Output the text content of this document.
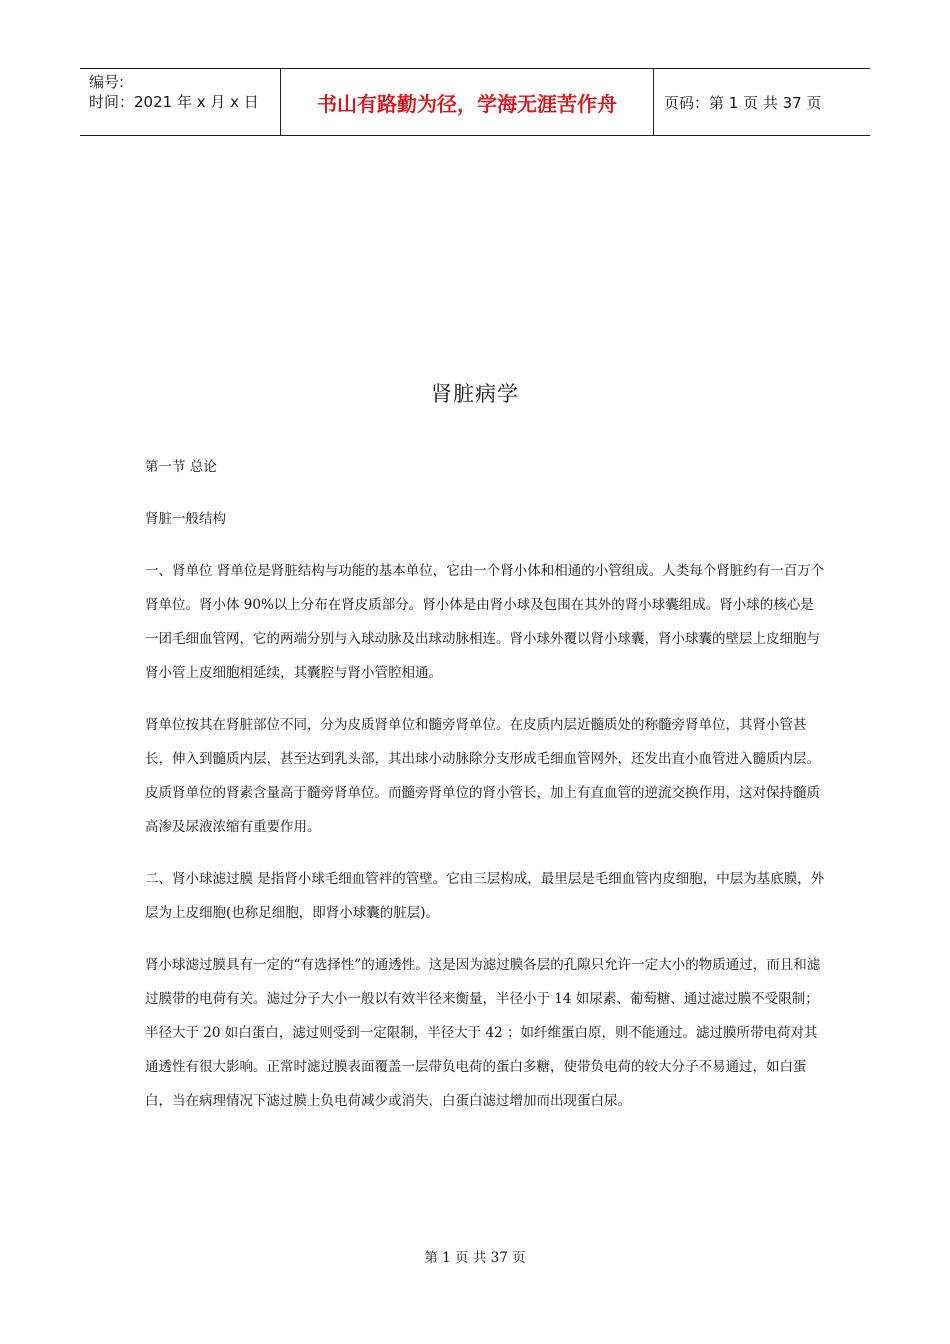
编号:
时间：2021 年 x 月 x 日	书山有路勤为径，学海无涯苦作舟	页码：第 1 页 共 37 页
肾脏病学

第一节 总论

肾脏一般结构

一、肾单位 肾单位是肾脏结构与功能的基本单位，它由一个肾小体和相通的小管组成。人类每个肾脏约有一百万个肾单位。肾小体 90%以上分布在肾皮质部分。肾小体是由肾小球及包围在其外的肾小球囊组成。肾小球的核心是一团毛细血管网，它的两端分别与入球动脉及出球动脉相连。肾小球外覆以肾小球囊，肾小球囊的壁层上皮细胞与肾小管上皮细胞相延续，其囊腔与肾小管腔相通。

肾单位按其在肾脏部位不同，分为皮质肾单位和髓旁肾单位。在皮质内层近髓质处的称髓旁肾单位，其肾小管甚长，伸入到髓质内层，甚至达到乳头部，其出球小动脉除分支形成毛细血管网外，还发出直小血管进入髓质内层。皮质肾单位的肾素含量高于髓旁肾单位。而髓旁肾单位的肾小管长，加上有直血管的逆流交换作用，这对保持髓质高渗及尿液浓缩有重要作用。

二、肾小球滤过膜 是指肾小球毛细血管袢的管壁。它由三层构成，最里层是毛细血管内皮细胞，中层为基底膜，外层为上皮细胞(也称足细胞，即肾小球囊的脏层)。

肾小球滤过膜具有一定的“有选择性”的通透性。这是因为滤过膜各层的孔隙只允许一定大小的物质通过，而且和滤过膜带的电荷有关。滤过分子大小一般以有效半径来衡量，半径小于 14 如尿素、葡萄糖、通过滤过膜不受限制；半径大于 20 如白蛋白，滤过则受到一定限制，半径大于 42 ；如纤维蛋白原，则不能通过。滤过膜所带电荷对其通透性有很大影响。正常时滤过膜表面覆盖一层带负电荷的蛋白多糖，使带负电荷的较大分子不易通过，如白蛋白，当在病理情况下滤过膜上负电荷减少或消失，白蛋白滤过增加而出现蛋白尿。

第 1 页 共 37 页
